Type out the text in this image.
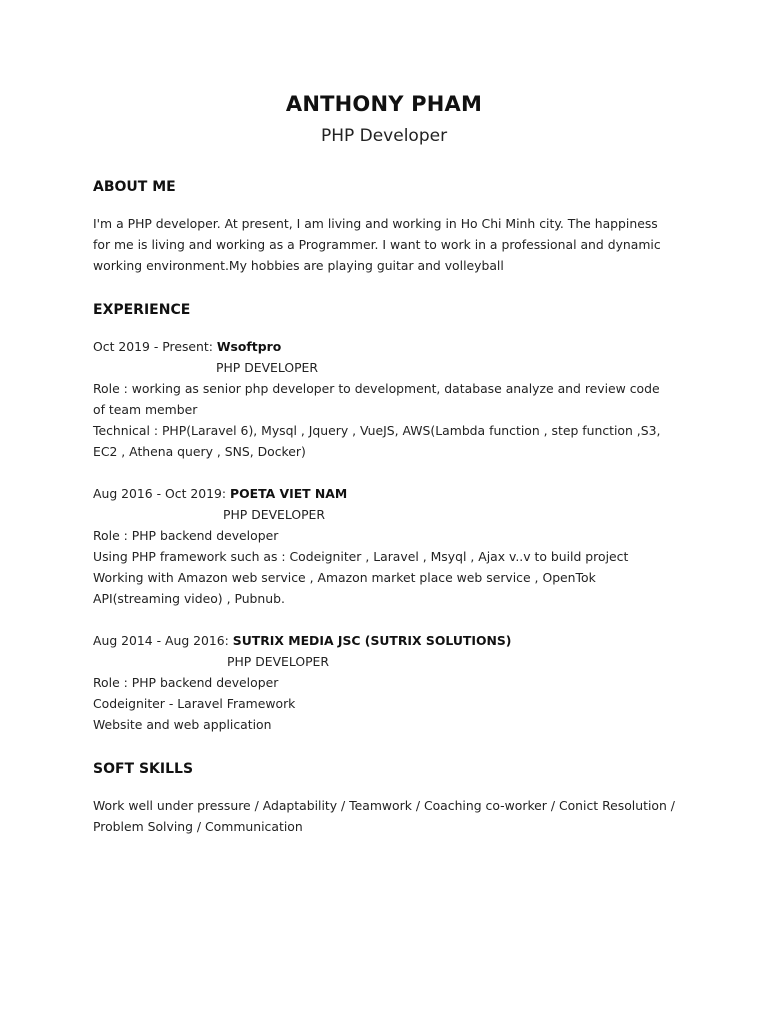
ANTHONY PHAM
PHP Developer
ABOUT ME

I'm a PHP developer. At present, I am living and working in Ho Chi Minh city. The happiness for me is living and working as a Programmer. I want to work in a professional and dynamic working environment.My hobbies are playing guitar and volleyball

EXPERIENCE
Oct 2019 - Present: Wsoftpro
PHP DEVELOPER
Role : working as senior php developer to development, database analyze and review code of team member
Technical : PHP(Laravel 6), Mysql , Jquery , VueJS, AWS(Lambda function , step function ,S3, EC2 , Athena query , SNS, Docker)
Aug 2016 - Oct 2019: POETA VIET NAM
PHP DEVELOPER
Role : PHP backend developer
Using PHP framework such as : Codeigniter , Laravel , Msyql , Ajax v..v to build project
Working with Amazon web service , Amazon market place web service , OpenTok API(streaming video) , Pubnub.
Aug 2014 - Aug 2016: SUTRIX MEDIA JSC (SUTRIX SOLUTIONS)
PHP DEVELOPER
Role : PHP backend developer
Codeigniter - Laravel Framework
Website and web application
SOFT SKILLS

Work well under pressure / Adaptability / Teamwork / Coaching co-worker / Conict Resolution / Problem Solving / Communication
